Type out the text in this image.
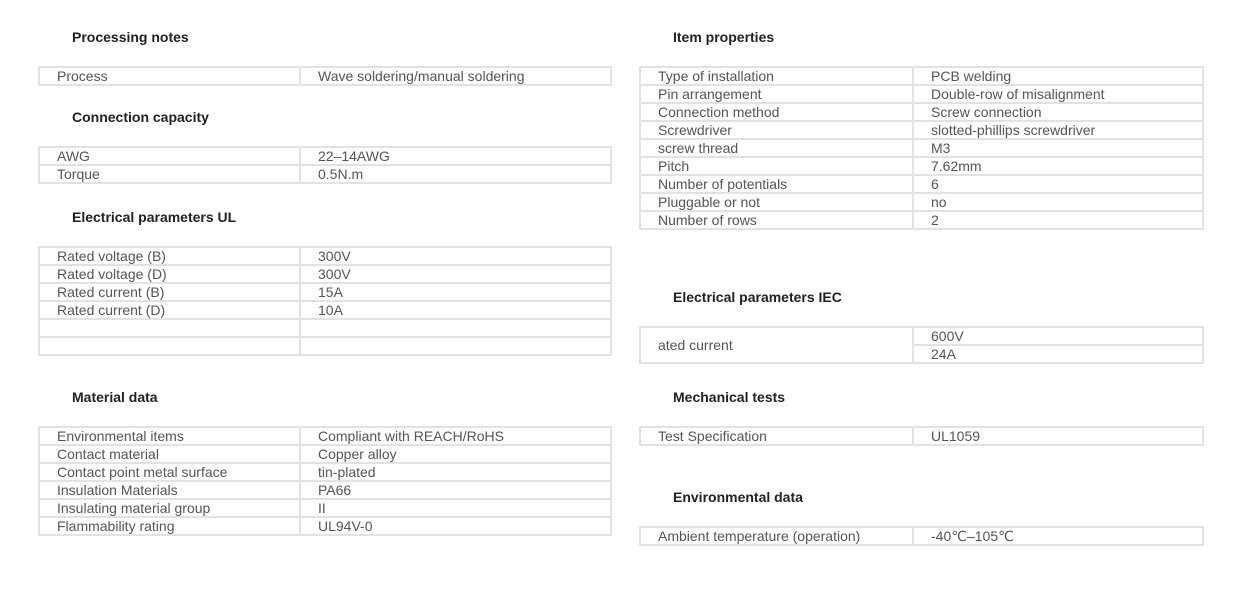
Processing notes
Process	Wave soldering/manual soldering
Connection capacity
AWG	22–14AWG
Torque	0.5N.m
Electrical parameters UL
Rated voltage (B)	300V
Rated voltage (D)	300V
Rated current (B)	15A
Rated current (D)	10A

Material data
Environmental items	Compliant with REACH/RoHS
Contact material	Copper alloy
Contact point metal surface	tin-plated
Insulation Materials	PA66
Insulating material group	II
Flammability rating	UL94V-0
Item properties
Type of installation	PCB welding
Pin arrangement	Double-row of misalignment
Connection method	Screw connection
Screwdriver	slotted-phillips screwdriver
screw thread	M3
Pitch	7.62mm
Number of potentials	6
Pluggable or not	no
Number of rows	2
Electrical parameters IEC
ated current	600V
24A
Mechanical tests
Test Specification	UL1059
Environmental data
Ambient temperature (operation)	-40℃–105℃
